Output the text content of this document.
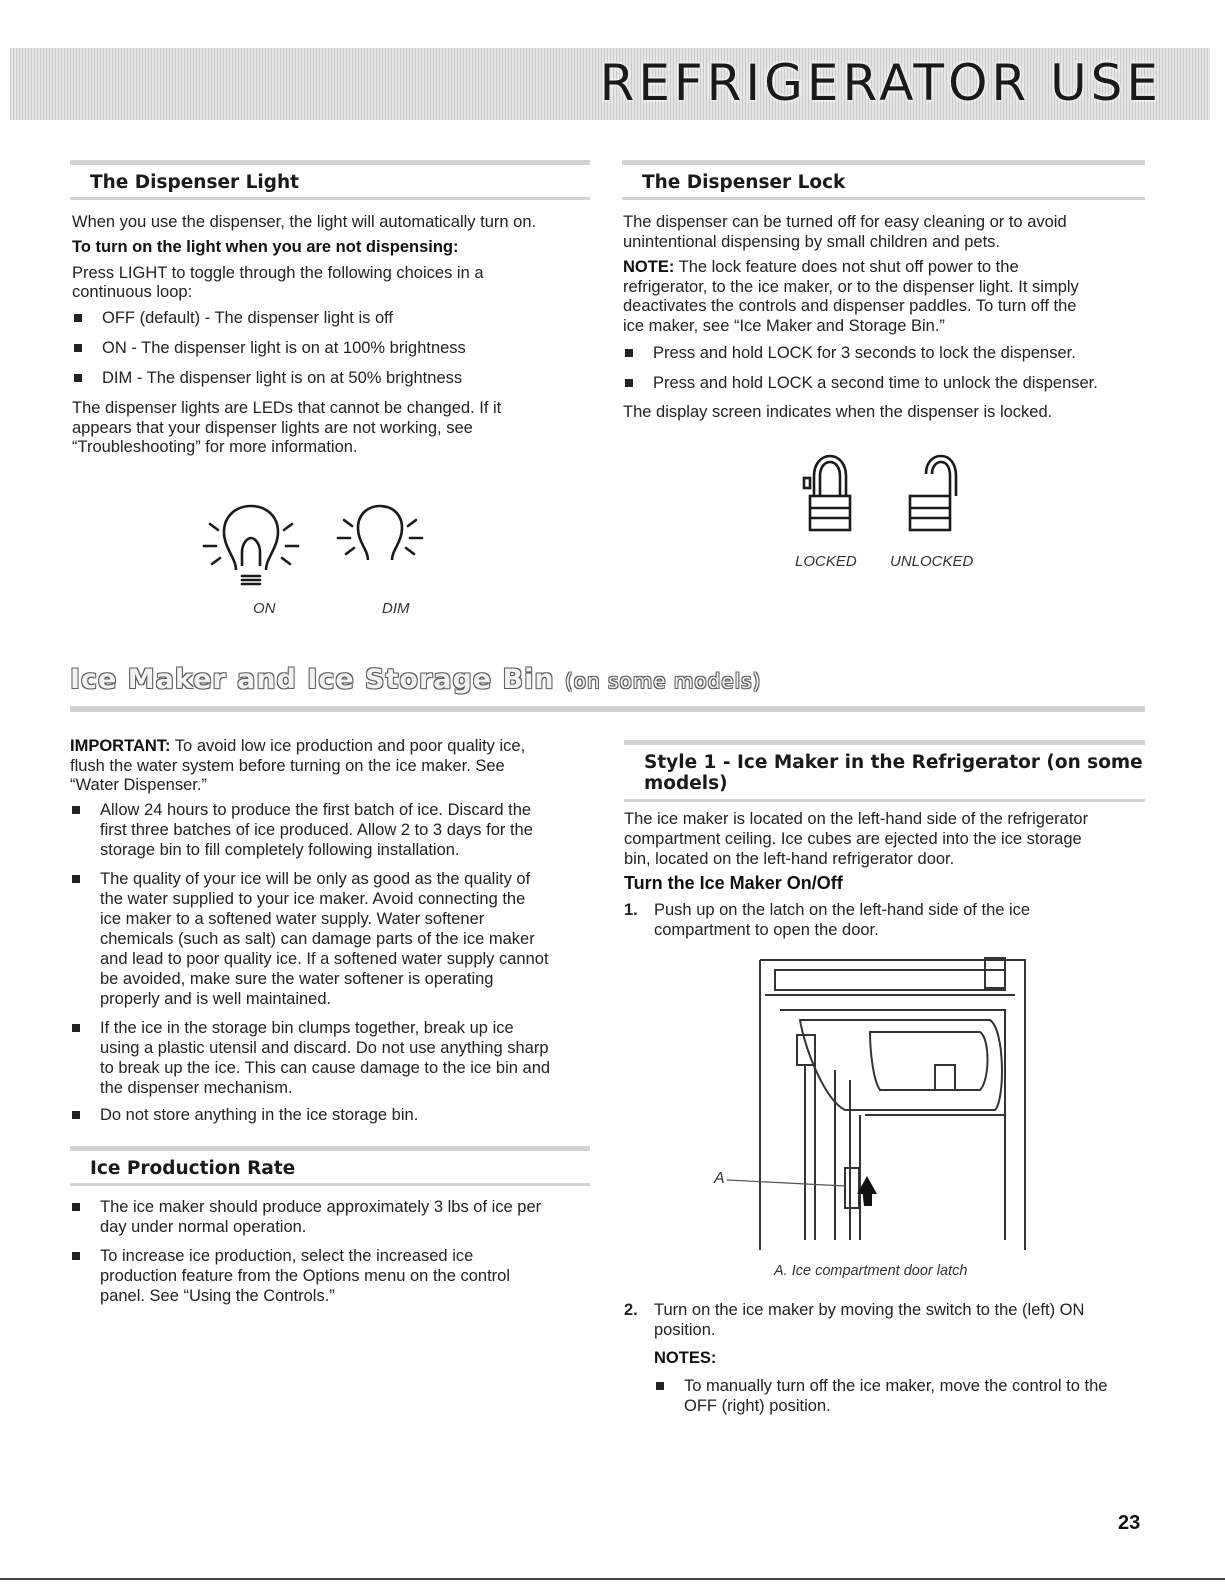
REFRIGERATOR USE
The Dispenser Light
When you use the dispenser, the light will automatically turn on.
To turn on the light when you are not dispensing:
Press LIGHT to toggle through the following choices in a
continuous loop:
OFF (default) - The dispenser light is off
ON - The dispenser light is on at 100% brightness
DIM - The dispenser light is on at 50% brightness
The dispenser lights are LEDs that cannot be changed. If it
appears that your dispenser lights are not working, see
“Troubleshooting” for more information.
ON	DIM
The Dispenser Lock
The dispenser can be turned off for easy cleaning or to avoid
unintentional dispensing by small children and pets.
NOTE: The lock feature does not shut off power to the
refrigerator, to the ice maker, or to the dispenser light. It simply
deactivates the controls and dispenser paddles. To turn off the
ice maker, see “Ice Maker and Storage Bin.”
Press and hold LOCK for 3 seconds to lock the dispenser.
Press and hold LOCK a second time to unlock the dispenser.
The display screen indicates when the dispenser is locked.
LOCKED UNLOCKED
Ice Maker and Ice Storage Bin (on some models)
IMPORTANT: To avoid low ice production and poor quality ice,
flush the water system before turning on the ice maker. See
“Water Dispenser.”
Allow 24 hours to produce the first batch of ice. Discard the
first three batches of ice produced. Allow 2 to 3 days for the
storage bin to fill completely following installation.
The quality of your ice will be only as good as the quality of
the water supplied to your ice maker. Avoid connecting the
ice maker to a softened water supply. Water softener
chemicals (such as salt) can damage parts of the ice maker
and lead to poor quality ice. If a softened water supply cannot
be avoided, make sure the water softener is operating
properly and is well maintained.
If the ice in the storage bin clumps together, break up ice
using a plastic utensil and discard. Do not use anything sharp
to break up the ice. This can cause damage to the ice bin and
the dispenser mechanism.
Do not store anything in the ice storage bin.
Ice Production Rate
The ice maker should produce approximately 3 lbs of ice per
day under normal operation.
To increase ice production, select the increased ice
production feature from the Options menu on the control
panel. See “Using the Controls.”
Style 1 - Ice Maker in the Refrigerator (on some
models)
The ice maker is located on the left-hand side of the refrigerator
compartment ceiling. Ice cubes are ejected into the ice storage
bin, located on the left-hand refrigerator door.
Turn the Ice Maker On/Off
1. Push up on the latch on the left-hand side of the ice
compartment to open the door.
A
A. Ice compartment door latch
2. Turn on the ice maker by moving the switch to the (left) ON
position.
NOTES:
To manually turn off the ice maker, move the control to the
OFF (right) position.
23
